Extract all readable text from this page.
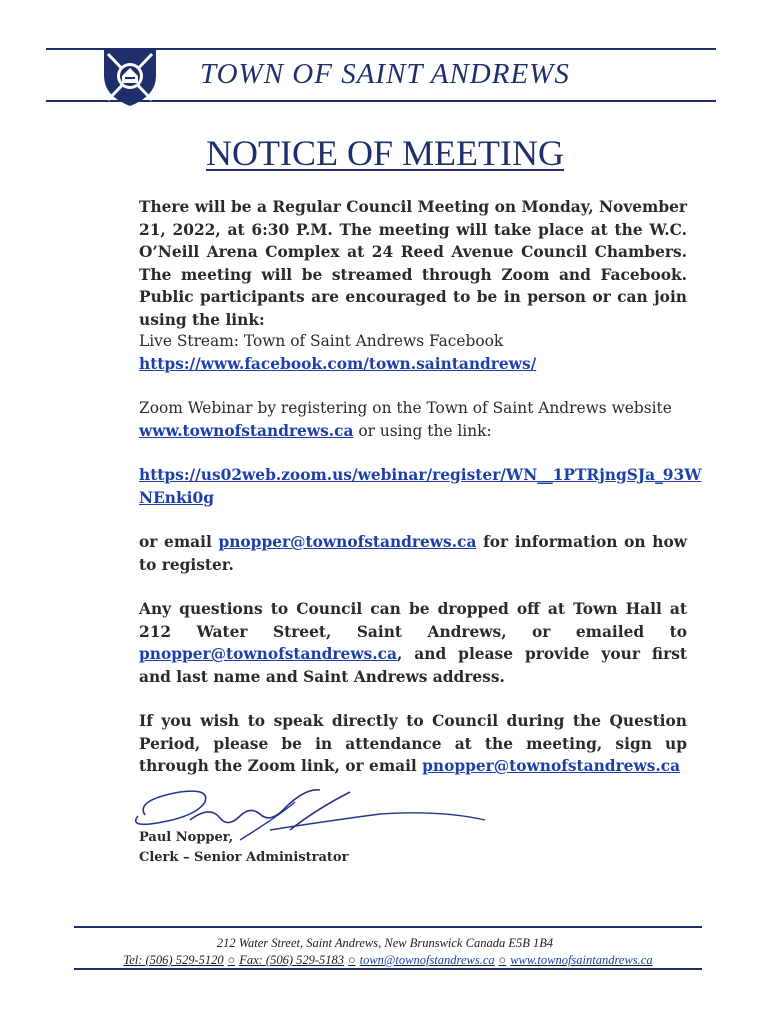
TOWN OF SAINT ANDREWS
NOTICE OF MEETING
There will be a Regular Council Meeting on Monday, November 21, 2022, at 6:30 P.M. The meeting will take place at the W.C. O’Neill Arena Complex at 24 Reed Avenue Council Chambers. The meeting will be streamed through Zoom and Facebook. Public participants are encouraged to be in person or can join using the link:
Live Stream: Town of Saint Andrews Facebook
https://www.facebook.com/town.saintandrews/
Zoom Webinar by registering on the Town of Saint Andrews website
www.townofstandrews.ca or using the link:
https://us02web.zoom.us/webinar/register/WN__1PTRjngSJa_93W
NEnki0g
or email pnopper@townofstandrews.ca for information on how to register.
Any questions to Council can be dropped off at Town Hall at 212 Water Street, Saint Andrews, or emailed to pnopper@townofstandrews.ca, and please provide your first and last name and Saint Andrews address.
If you wish to speak directly to Council during the Question Period, please be in attendance at the meeting, sign up through the Zoom link, or email pnopper@townofstandrews.ca
Paul Nopper,
Clerk – Senior Administrator
212 Water Street, Saint Andrews, New Brunswick Canada E5B 1B4
Tel: (506) 529-5120 ○ Fax: (506) 529-5183 ○ town@townofstandrews.ca ○ www.townofsaintandrews.ca
